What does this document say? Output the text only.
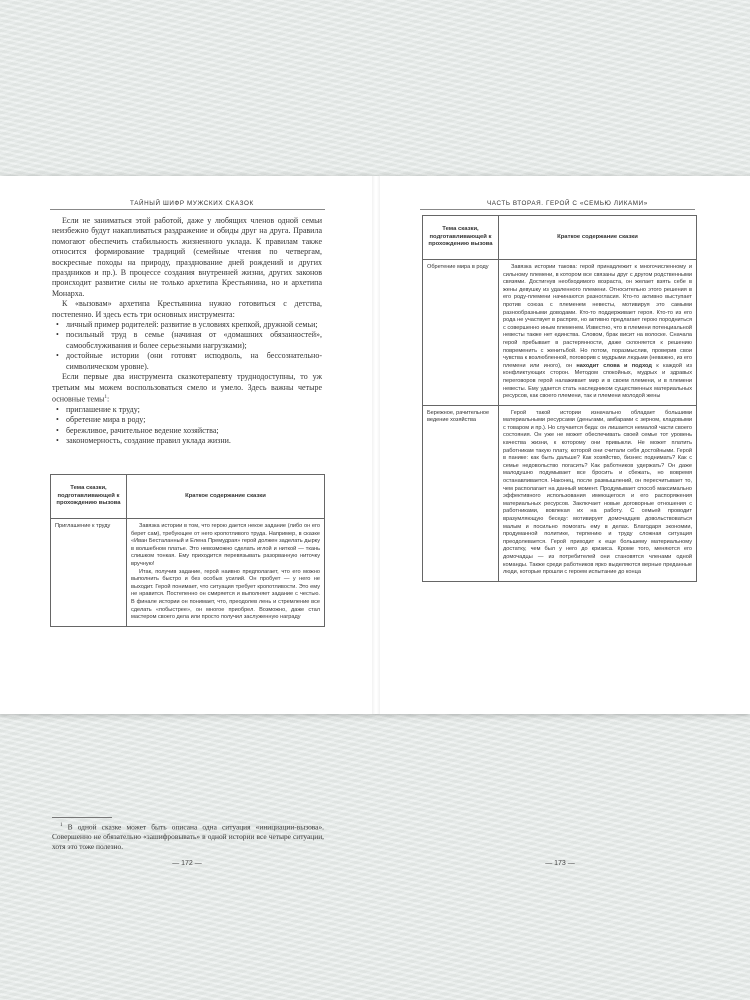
ТАЙНЫЙ ШИФР МУЖСКИХ СКАЗОК

Если не заниматься этой работой, даже у любящих членов одной семьи неизбежно будут накапливаться раздражение и обиды друг на друга. Правила помогают обеспечить стабильность жизненного уклада. К правилам также относится формирование традиций (семейные чтения по четвергам, воскресные походы на природу, празднование дней рождений и других праздников и пр.). В процессе создания внутренней жизни, других законов происходит развитие силы не только архетипа Крестьянина, но и архетипа Монарха.

К «вызовам» архетипа Крестьянина нужно готовиться с детства, постепенно. И здесь есть три основных инструмента:

• личный пример родителей: развитие в условиях крепкой, дружной семьи;
• посильный труд в семье (начиная от «домашних обязанностей», самообслуживания и более серьезными нагрузками);
• достойные истории (они готовят исподволь, на бессознательно-символическом уровне).

Если первые два инструмента сказкотерапевту труднодоступны, то уж третьим мы можем воспользоваться смело и умело. Здесь важны четыре основные темы$^1$:

• приглашение к труду;
• обретение мира в роду;
• бережливое, рачительное ведение хозяйства;
• закономерность, создание правил уклада жизни.
Тема сказки, подготавливающей к прохождению вызова	Краткое содержание сказки
Приглашение к труду	Завязка истории в том, что герою дается некое задание (либо он его берет сам), требующее от него кропотливого труда. Например, в сказке «Иван Бесталанный и Елена Премудрая» герой должен заделать дырку в волшебном платье. Это невозможно сделать иглой и ниткой — ткань слишком тонкая. Ему приходится перевязывать разорванную ниточку вручную!

Итак, получив задание, герой наивно предполагает, что его можно выполнить быстро и без особых усилий. Он пробует — у него не выходит. Герой понимает, что ситуация требует кропотливости. Это ему не нравится. Постепенно он смиряется и выполняет задание с честью. В финале истории он понимает, что, преодолев лень и стремление все сделать «побыстрее», он многое приобрел. Возможно, даже стал мастером своего дела или просто получил заслуженную награду

$^1$ В одной сказке может быть описана одна ситуация «инициации-вызова». Совершенно не обязательно «зашифровывать» в одной истории все четыре ситуации, хотя это тоже полезно.

— 172 —
ЧАСТЬ ВТОРАЯ. ГЕРОЙ С «СЕМЬЮ ЛИКАМИ»
Тема сказки, подготавливающей к прохождению вызова	Краткое содержание сказки
Обретение мира в роду	Завязка истории такова: герой принадлежит к многочисленному и сильному племени, в котором все связаны друг с другом родственными связями. Достигнув необходимого возраста, он желает взять себе в жены девушку из удаленного племени. Относительно этого решения в его роду-племени начинаются разногласия. Кто-то активно выступает против союза с племенем невесты, мотивируя это самыми разнообразными доводами. Кто-то поддерживает героя. Кто-то из его рода не участвует в распрях, но активно предлагает герою породниться с совершенно иным племенем. Известно, что в племени потенциальной невесты также нет единства. Словом, брак висит на волоске. Сначала герой пребывает в растерянности, даже склоняется к решению повременить с женитьбой. Но потом, поразмыслив, проверив свои чувства к возлюбленной, поговорив с мудрыми людьми (неважно, из его племени или иного), он находит слова и подход к каждой из конфликтующих сторон. Методом спокойных, мудрых и здравых переговоров герой налаживает мир и в своем племени, и в племени невесты. Ему удается стать наследником существенных материальных ресурсов, как своего племени, так и племени молодой жены

Бережное, рачительное ведение хозяйства	Герой такой истории изначально обладает большими материальными ресурсами (деньгами, амбарами с зерном, кладовыми с товаром и пр.). Но случается беда: он лишается немалой части своего состояния. Он уже не может обеспечивать своей семье тот уровень качества жизни, к которому они привыкли. Не может платить работникам такую плату, которой они считали себя достойными. Герой в панике: как быть дальше? Как хозяйство, бизнес поднимать? Как с семье недовольство погасить? Как работников удержать? Он даже малодушно подумывает все бросить и сбежать, но вовремя останавливается. Наконец, после размышлений, он пересчитывает то, чем располагает на данный момент. Продумывает способ максимально эффективного использования имеющегося и его распоряжения материальных ресурсов. Заключает новые договорные отношения с работниками, вовлекая их на работу. С семьей проводит вразумляющую беседу: мотивирует домочадцев довольствоваться малым и посильно помогать ему в делах. Благодаря экономии, продуманной политике, терпению и труду сложная ситуация преодолевается. Герой приходит к еще большему материальному достатку, чем был у него до кризиса. Кроме того, меняются его домочадцы — из потребителей они становятся членами одной команды. Также среди работников ярко выделяются верные преданные люди, которые прошли с героем испытание до конца

— 173 —
